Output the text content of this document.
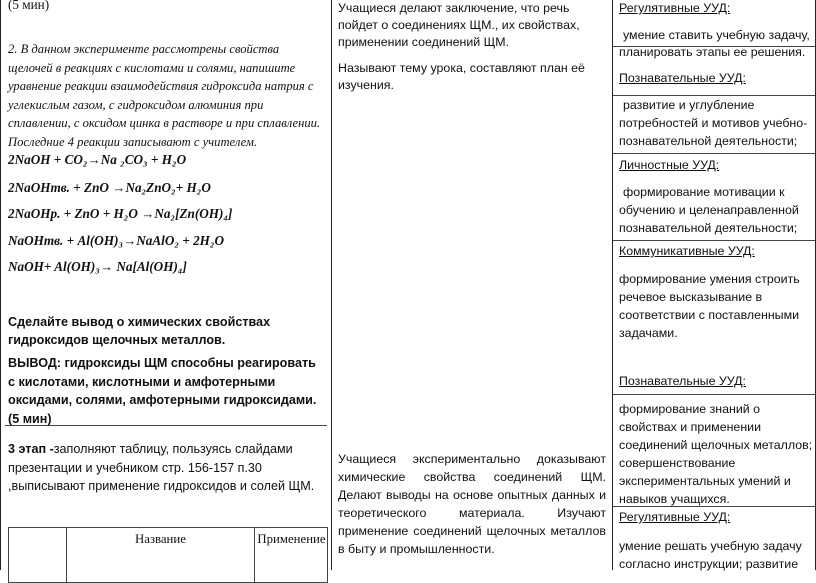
(5 мин)
2. В данном эксперименте рассмотрены свойства щелочей в реакциях с кислотами и солями, напишите уравнение реакции взаимодействия гидроксида натрия с углекислым газом, с гидроксидом алюминия при сплавлении, с оксидом цинка в растворе и при сплавлении. Последние 4 реакции записывают с учителем.
2NaOH + CO₂→Na ₂CO₃ + H₂O
2NaOHтв. + ZnO →Na₂ZnO₂+ H₂O
2NaOHр. + ZnO + H₂O →Na₂[Zn(OH)₄]
NaOHтв. + Al(OH)₃→NaAlO₂ + 2H₂O
NaOH+ Al(OH)₃→ Na[Al(OH)₄]
Сделайте вывод о химических свойствах гидроксидов щелочных металлов.
ВЫВОД: гидроксиды ЩМ способны реагировать с кислотами, кислотными и амфотерными оксидами, солями, амфотерными гидроксидами.(5 мин)
3 этап -заполняют таблицу, пользуясь слайдами презентации и учебником стр. 156-157 п.30 ,выписывают применение гидроксидов и солей ЩМ.
Название	Применение
Учащиеся делают заключение, что речь пойдет о соединениях ЩМ., их свойствах, применении соединений ЩМ.
Называют тему урока, составляют план её изучения.
Учащиеся экспериментально доказывают химические свойства соединений ЩМ. Делают выводы на основе опытных данных и теоретического материала. Изучают применение соединений щелочных металлов в быту и промышленности.
Регулятивные УУД:
умение ставить учебную задачу, планировать этапы ее решения.
Познавательные УУД:
развитие и углубление потребностей и мотивов учебно-познавательной деятельности;
Личностные УУД:
формирование мотивации к обучению и целенаправленной познавательной деятельности;
Коммуникативные УУД:
формирование умения строить речевое высказывание в соответствии с поставленными задачами.
Познавательные УУД:
формирование знаний о свойствах и применении соединений щелочных металлов; совершенствование экспериментальных умений и навыков учащихся.
Регулятивные УУД:
умение решать учебную задачу согласно инструкции; развитие
